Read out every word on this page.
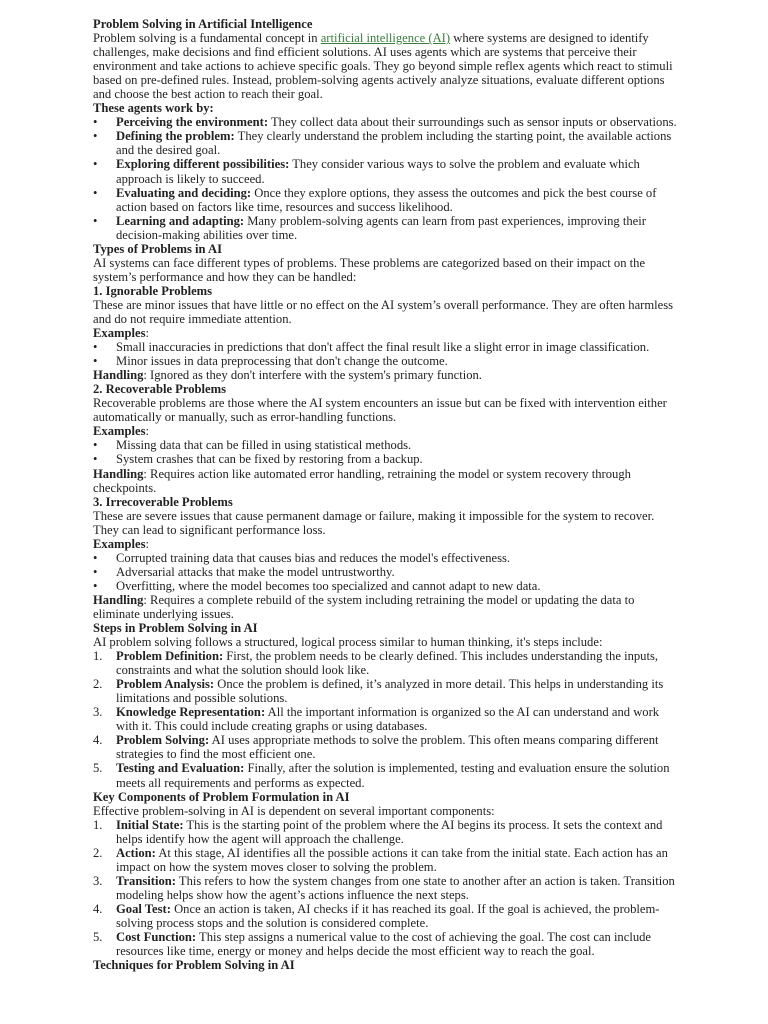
Problem Solving in Artificial Intelligence

Problem solving is a fundamental concept in artificial intelligence (AI) where systems are designed to identify challenges, make decisions and find efficient solutions. AI uses agents which are systems that perceive their environment and take actions to achieve specific goals. They go beyond simple reflex agents which react to stimuli based on pre-defined rules. Instead, problem-solving agents actively analyze situations, evaluate different options and choose the best action to reach their goal.

These agents work by:
• Perceiving the environment: They collect data about their surroundings such as sensor inputs or observations.
• Defining the problem: They clearly understand the problem including the starting point, the available actions and the desired goal.
• Exploring different possibilities: They consider various ways to solve the problem and evaluate which approach is likely to succeed.
• Evaluating and deciding: Once they explore options, they assess the outcomes and pick the best course of action based on factors like time, resources and success likelihood.
• Learning and adapting: Many problem-solving agents can learn from past experiences, improving their decision-making abilities over time.
Types of Problems in AI

AI systems can face different types of problems. These problems are categorized based on their impact on the system’s performance and how they can be handled:

1. Ignorable Problems

These are minor issues that have little or no effect on the AI system’s overall performance. They are often harmless and do not require immediate attention.

Examples:

• Small inaccuracies in predictions that don't affect the final result like a slight error in image classification.
• Minor issues in data preprocessing that don't change the outcome.

Handling: Ignored as they don't interfere with the system's primary function.

2. Recoverable Problems

Recoverable problems are those where the AI system encounters an issue but can be fixed with intervention either automatically or manually, such as error-handling functions.

Examples:

• Missing data that can be filled in using statistical methods.
• System crashes that can be fixed by restoring from a backup.

Handling: Requires action like automated error handling, retraining the model or system recovery through checkpoints.

3. Irrecoverable Problems

These are severe issues that cause permanent damage or failure, making it impossible for the system to recover. They can lead to significant performance loss.

Examples:

• Corrupted training data that causes bias and reduces the model's effectiveness.
• Adversarial attacks that make the model untrustworthy.
• Overfitting, where the model becomes too specialized and cannot adapt to new data.

Handling: Requires a complete rebuild of the system including retraining the model or updating the data to eliminate underlying issues.

Steps in Problem Solving in AI

AI problem solving follows a structured, logical process similar to human thinking, it's steps include:

1. Problem Definition: First, the problem needs to be clearly defined. This includes understanding the inputs, constraints and what the solution should look like.
2. Problem Analysis: Once the problem is defined, it’s analyzed in more detail. This helps in understanding its limitations and possible solutions.
3. Knowledge Representation: All the important information is organized so the AI can understand and work with it. This could include creating graphs or using databases.
4. Problem Solving: AI uses appropriate methods to solve the problem. This often means comparing different strategies to find the most efficient one.
5. Testing and Evaluation: Finally, after the solution is implemented, testing and evaluation ensure the solution meets all requirements and performs as expected.
Key Components of Problem Formulation in AI

Effective problem-solving in AI is dependent on several important components:

1. Initial State: This is the starting point of the problem where the AI begins its process. It sets the context and helps identify how the agent will approach the challenge.
2. Action: At this stage, AI identifies all the possible actions it can take from the initial state. Each action has an impact on how the system moves closer to solving the problem.
3. Transition: This refers to how the system changes from one state to another after an action is taken. Transition modeling helps show how the agent’s actions influence the next steps.
4. Goal Test: Once an action is taken, AI checks if it has reached its goal. If the goal is achieved, the problem-solving process stops and the solution is considered complete.
5. Cost Function: This step assigns a numerical value to the cost of achieving the goal. The cost can include resources like time, energy or money and helps decide the most efficient way to reach the goal.
Techniques for Problem Solving in AI
